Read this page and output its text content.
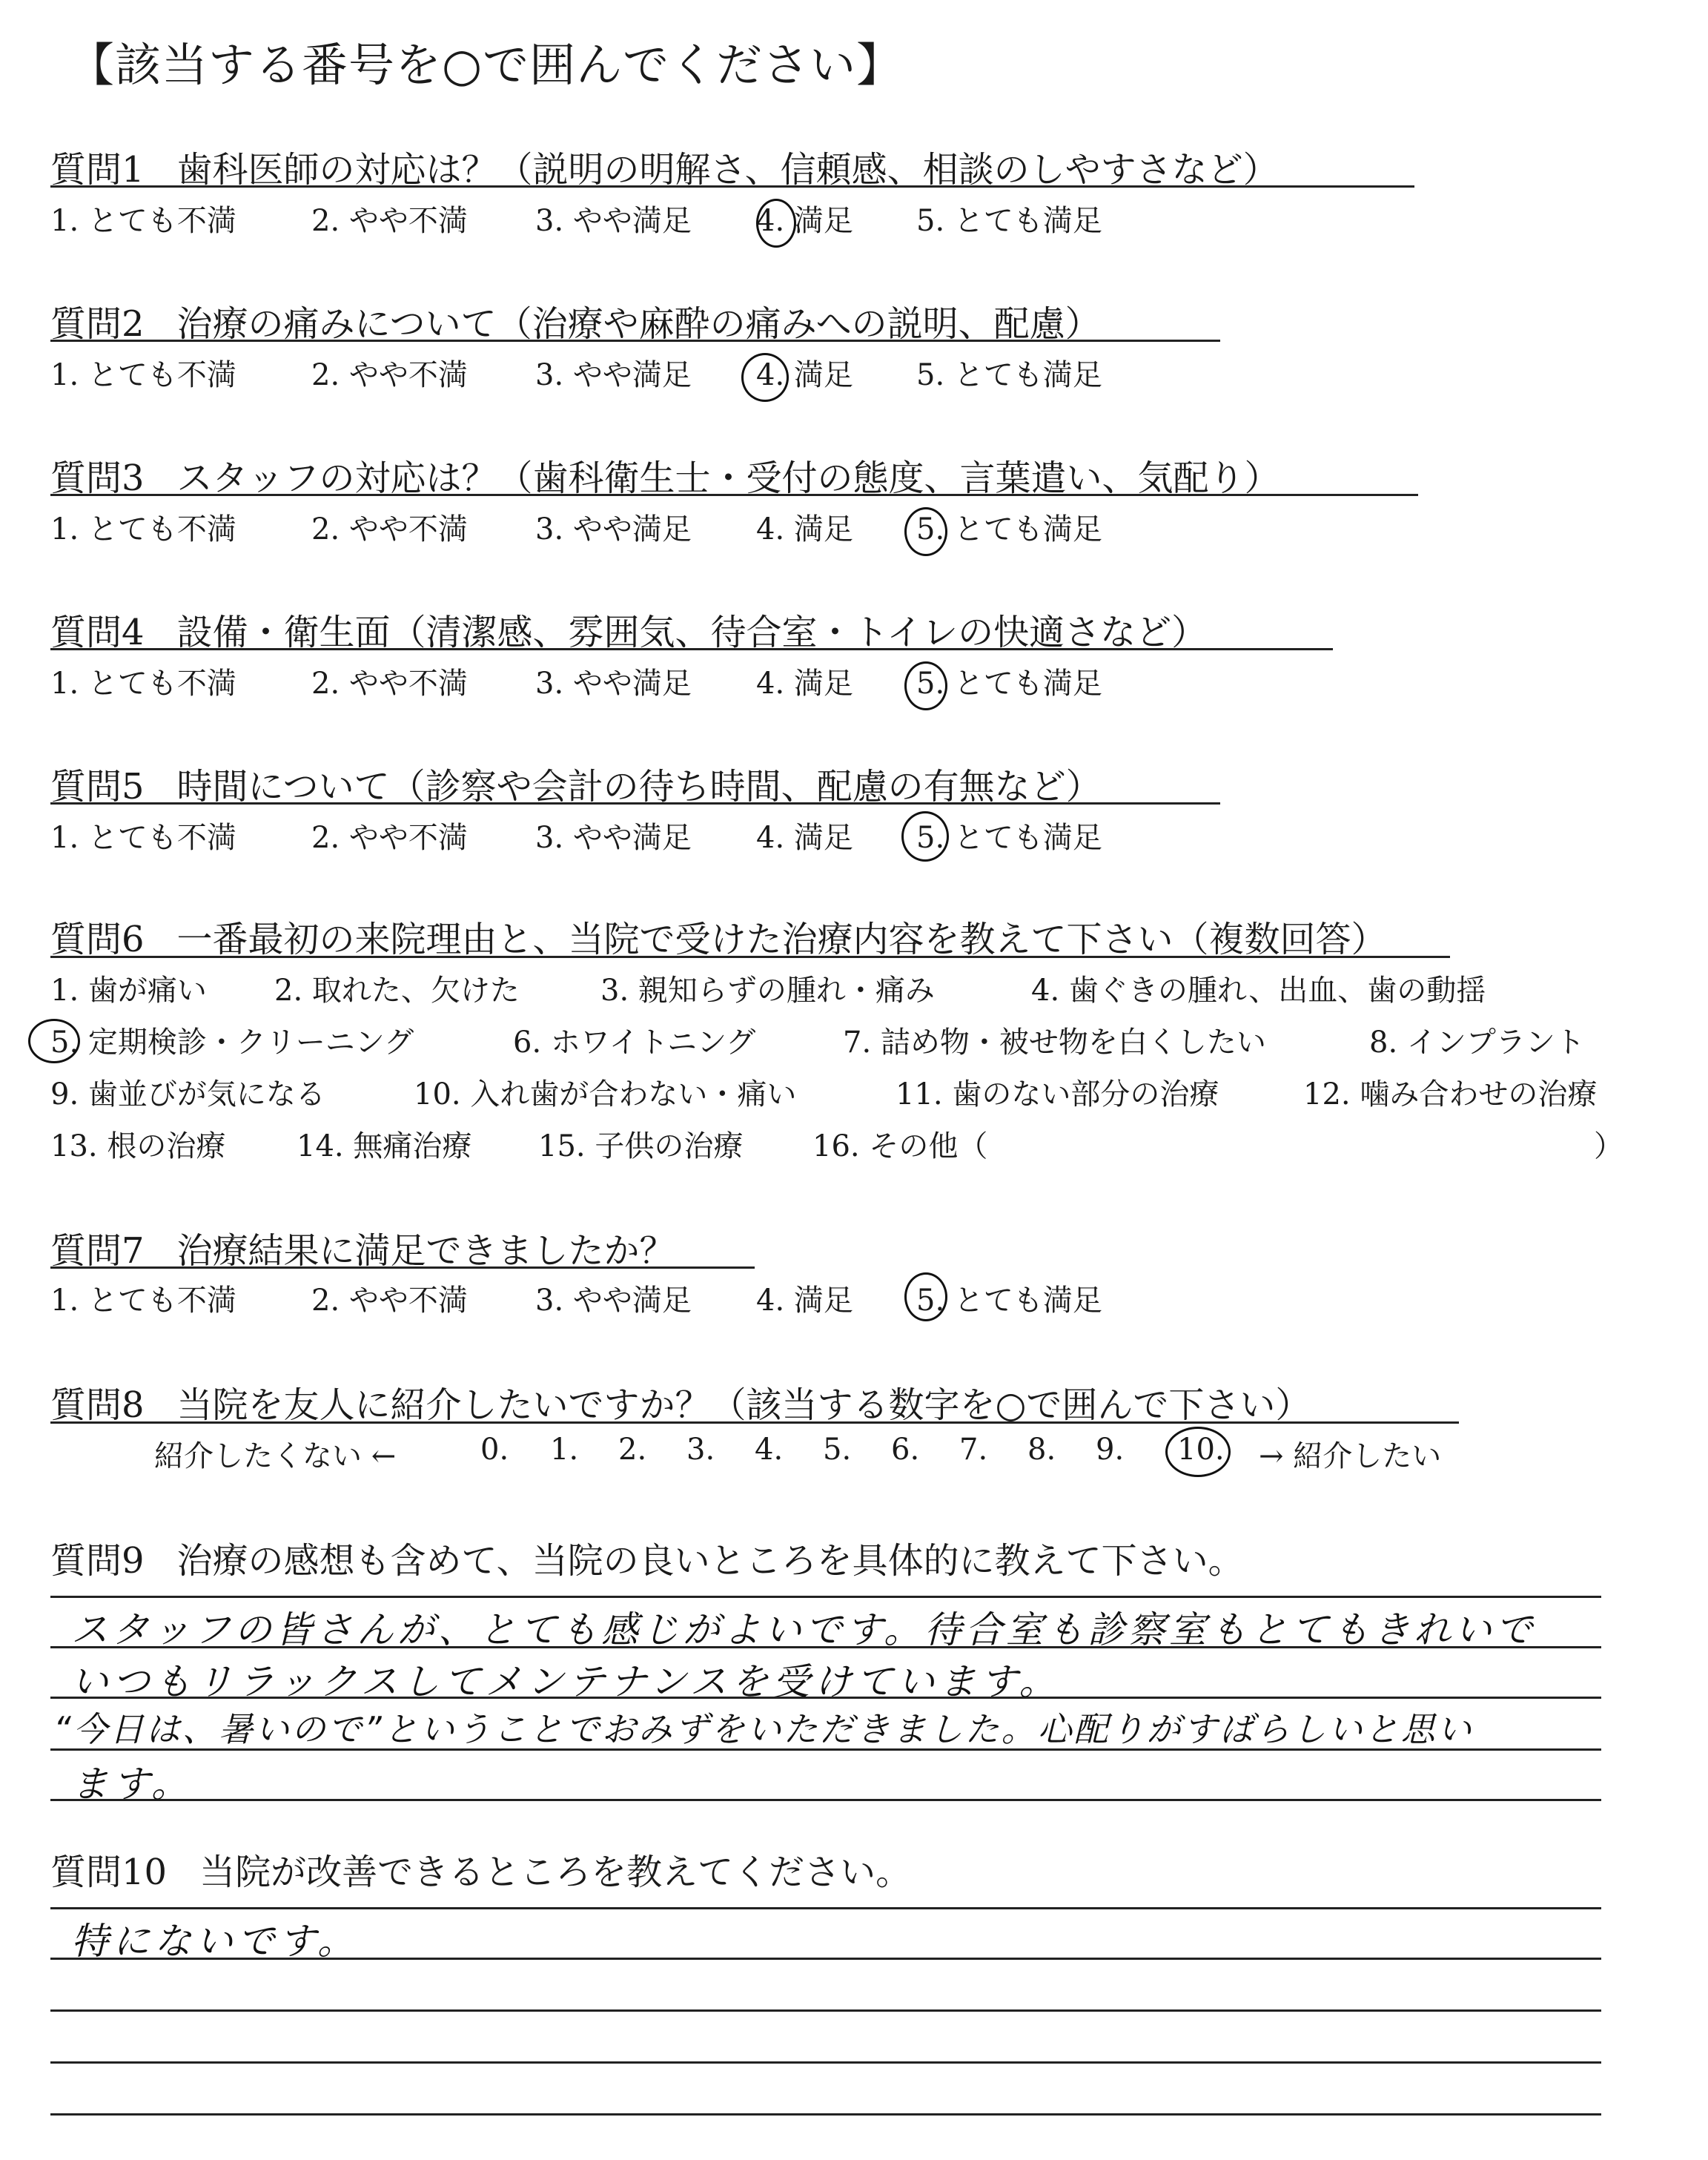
【該当する番号を○で囲んでください】
質問1 歯科医師の対応は？（説明の明解さ、信頼感、相談のしやすさなど）
1. とても不満	2. やや不満 3. やや満足 4. 満足 5. とても満足
質問2 治療の痛みについて（治療や麻酔の痛みへの説明、配慮）
1. とても不満	2. やや不満 3. やや満足 4. 満足 5. とても満足
質問3 スタッフの対応は？（歯科衛生士・受付の態度、言葉遣い、気配り）
1. とても不満	2. やや不満 3. やや満足 4. 満足 5. とても満足
質問4 設備・衛生面（清潔感、雰囲気、待合室・トイレの快適さなど）
1. とても不満	2. やや不満 3. やや満足 4. 満足 5. とても満足
質問5 時間について（診察や会計の待ち時間、配慮の有無など）
1. とても不満	2. やや不満 3. やや満足 4. 満足 5. とても満足
質問6 一番最初の来院理由と、当院で受けた治療内容を教えて下さい（複数回答）
1. 歯が痛い 2. 取れた、欠けた	3. 親知らずの腫れ・痛み	4. 歯ぐきの腫れ、出血、歯の動揺
5. 定期検診・クリーニング	6. ホワイトニング	7. 詰め物・被せ物を白くしたい	8. インプラント
9. 歯並びが気になる	10. 入れ歯が合わない・痛い	11. 歯のない部分の治療	12. 噛み合わせの治療
13. 根の治療 14. 無痛治療 15. 子供の治療 16. その他（	）
質問7 治療結果に満足できましたか？
1. とても不満	2. やや不満 3. やや満足 4. 満足 5. とても満足
質問8 当院を友人に紹介したいですか？（該当する数字を○で囲んで下さい）
紹介したくない ←	0. 1. 2. 3. 4. 5. 6. 7. 8. 9. 10. → 紹介したい
質問9 治療の感想も含めて、当院の良いところを具体的に教えて下さい。
スタッフの皆さんが、とても感じがよいです。待合室も診察室もとてもきれいで
いつもリラックスしてメンテナンスを受けています。
“今日は、暑いので”ということでおみずをいただきました。心配りがすばらしいと思い
ます。
質問10 当院が改善できるところを教えてください。
特にないです。
